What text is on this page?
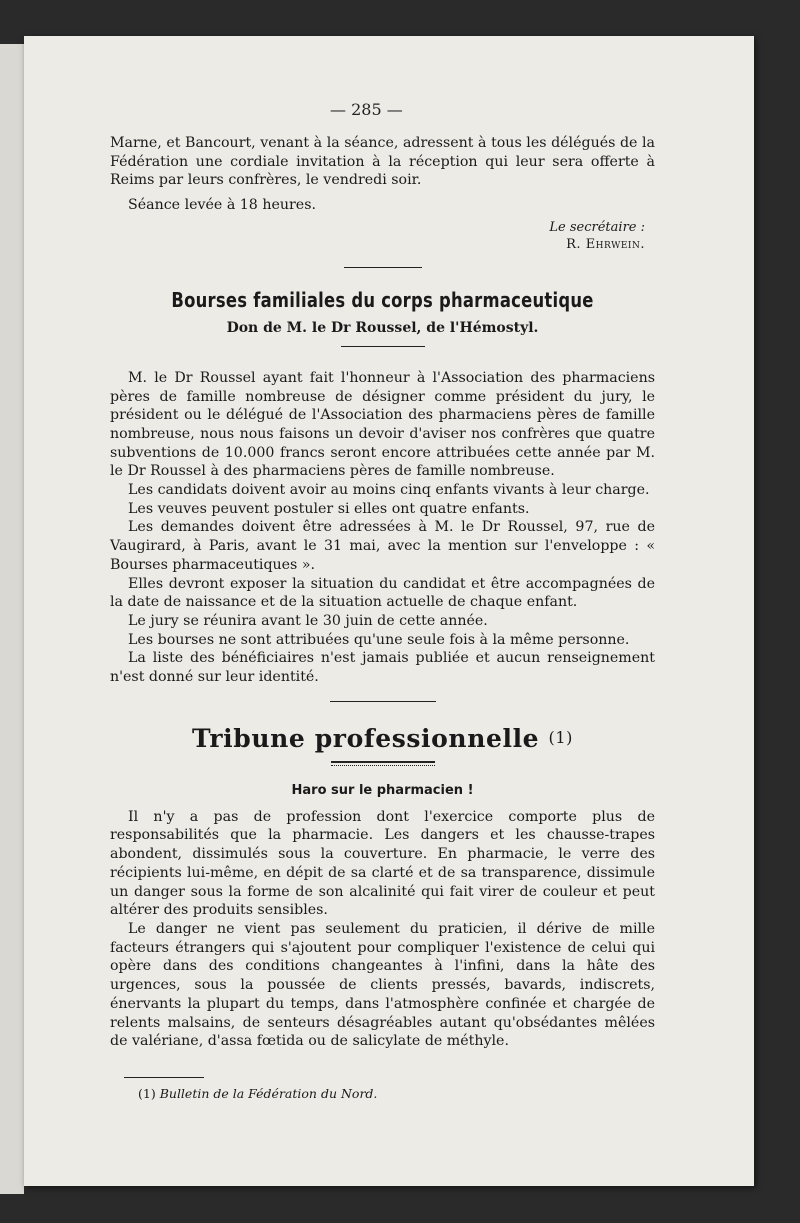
— 285 —

Marne, et Bancourt, venant à la séance, adressent à tous les délégués de la Fédération une cordiale invitation à la réception qui leur sera offerte à Reims par leurs confrères, le vendredi soir.

Séance levée à 18 heures.

Le secrétaire :
R. Ehrwein.
Bourses familiales du corps pharmaceutique
Don de M. le Dr Roussel, de l'Hémostyl.

M. le Dr Roussel ayant fait l'honneur à l'Association des pharmaciens pères de famille nombreuse de désigner comme président du jury, le président ou le délégué de l'Association des pharmaciens pères de famille nombreuse, nous nous faisons un devoir d'aviser nos confrères que quatre subventions de 10.000 francs seront encore attribuées cette année par M. le Dr Roussel à des pharmaciens pères de famille nombreuse.

Les candidats doivent avoir au moins cinq enfants vivants à leur charge.

Les veuves peuvent postuler si elles ont quatre enfants.

Les demandes doivent être adressées à M. le Dr Roussel, 97, rue de Vaugirard, à Paris, avant le 31 mai, avec la mention sur l'enveloppe : « Bourses pharmaceutiques ».

Elles devront exposer la situation du candidat et être accompagnées de la date de naissance et de la situation actuelle de chaque enfant.

Le jury se réunira avant le 30 juin de cette année.

Les bourses ne sont attribuées qu'une seule fois à la même personne.

La liste des bénéficiaires n'est jamais publiée et aucun renseignement n'est donné sur leur identité.

Tribune professionnelle (1)
Haro sur le pharmacien !

Il n'y a pas de profession dont l'exercice comporte plus de responsabilités que la pharmacie. Les dangers et les chausse-trapes abondent, dissimulés sous la couverture. En pharmacie, le verre des récipients lui-même, en dépit de sa clarté et de sa transparence, dissimule un danger sous la forme de son alcalinité qui fait virer de couleur et peut altérer des produits sensibles.

Le danger ne vient pas seulement du praticien, il dérive de mille facteurs étrangers qui s'ajoutent pour compliquer l'existence de celui qui opère dans des conditions changeantes à l'infini, dans la hâte des urgences, sous la poussée de clients pressés, bavards, indiscrets, énervants la plupart du temps, dans l'atmosphère confinée et chargée de relents malsains, de senteurs désagréables autant qu'obsédantes mêlées de valériane, d'assa fœtida ou de salicylate de méthyle.

(1) Bulletin de la Fédération du Nord.
